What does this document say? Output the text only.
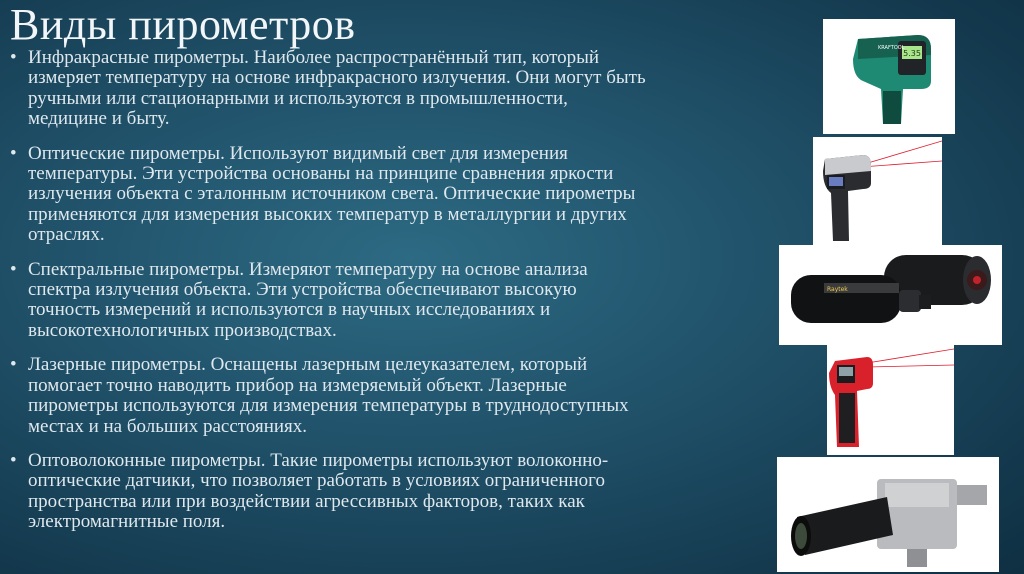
Виды пирометров
• Инфракрасные пирометры. Наиболее распространённый тип, который
измеряет температуру на основе инфракрасного излучения. Они могут быть
ручными или стационарными и используются в промышленности,
медицине и быту.
• Оптические пирометры. Используют видимый свет для измерения
температуры. Эти устройства основаны на принципе сравнения яркости
излучения объекта с эталонным источником света. Оптические пирометры
применяются для измерения высоких температур в металлургии и других
отраслях.
• Спектральные пирометры. Измеряют температуру на основе анализа
спектра излучения объекта. Эти устройства обеспечивают высокую
точность измерений и используются в научных исследованиях и
высокотехнологичных производствах.
• Лазерные пирометры. Оснащены лазерным целеуказателем, который
помогает точно наводить прибор на измеряемый объект. Лазерные
пирометры используются для измерения температуры в труднодоступных
местах и на больших расстояниях.
• Оптоволоконные пирометры. Такие пирометры используют волоконно-
оптические датчики, что позволяет работать в условиях ограниченного
пространства или при воздействии агрессивных факторов, таких как
электромагнитные поля.
5.35
KRAFTOOL
Raytek
